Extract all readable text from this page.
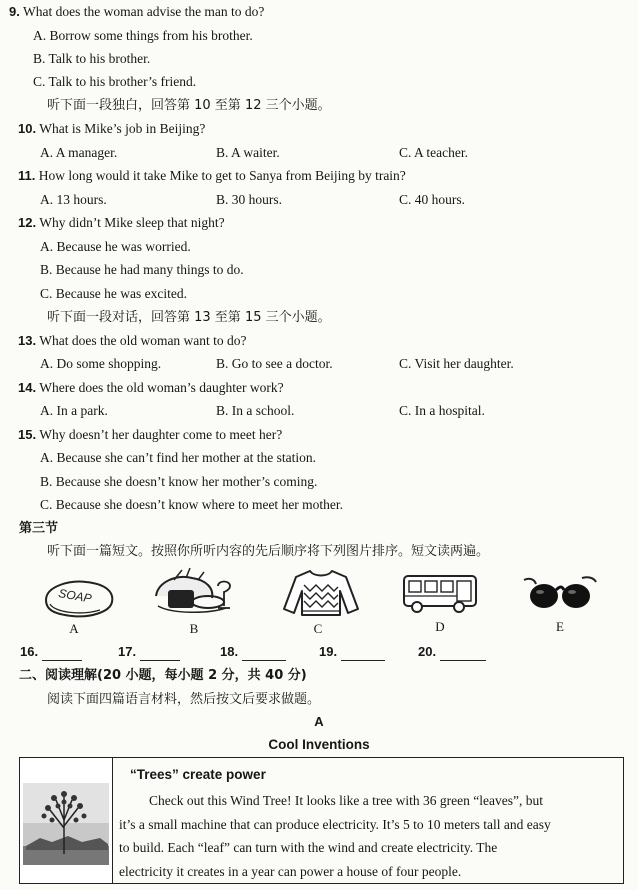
9. What does the woman advise the man to do?
A. Borrow some things from his brother.
B. Talk to his brother.
C. Talk to his brother’s friend.
听下面一段独白，回答第 10 至第 12 三个小题。
10. What is Mike’s job in Beijing?
A. A manager.	B. A waiter.	C. A teacher.
11. How long would it take Mike to get to Sanya from Beijing by train?
A. 13 hours.	B. 30 hours.	C. 40 hours.
12. Why didn’t Mike sleep that night?
A. Because he was worried.
B. Because he had many things to do.
C. Because he was excited.
听下面一段对话，回答第 13 至第 15 三个小题。
13. What does the old woman want to do?
A. Do some shopping.	B. Go to see a doctor.	C. Visit her daughter.
14. Where does the old woman’s daughter work?
A. In a park.	B. In a school.	C. In a hospital.
15. Why doesn’t her daughter come to meet her?
A. Because she can’t find her mother at the station.
B. Because she doesn’t know her mother’s coming.
C. Because she doesn’t know where to meet her mother.
第三节
听下面一篇短文。按照你所听内容的先后顺序将下列图片排序。短文读两遍。
SOAP
A	B	C	D	E
16.	17.	18.	19.	20.
二、阅读理解(20 小题，每小题 2 分，共 40 分)
阅读下面四篇语言材料，然后按文后要求做题。
A
Cool Inventions
“Trees” create power
Check out this Wind Tree! It looks like a tree with 36 green “leaves”, but
it’s a small machine that can produce electricity. It’s 5 to 10 meters tall and easy
to build. Each “leaf” can turn with the wind and create electricity. The
electricity it creates in a year can power a house of four people.
